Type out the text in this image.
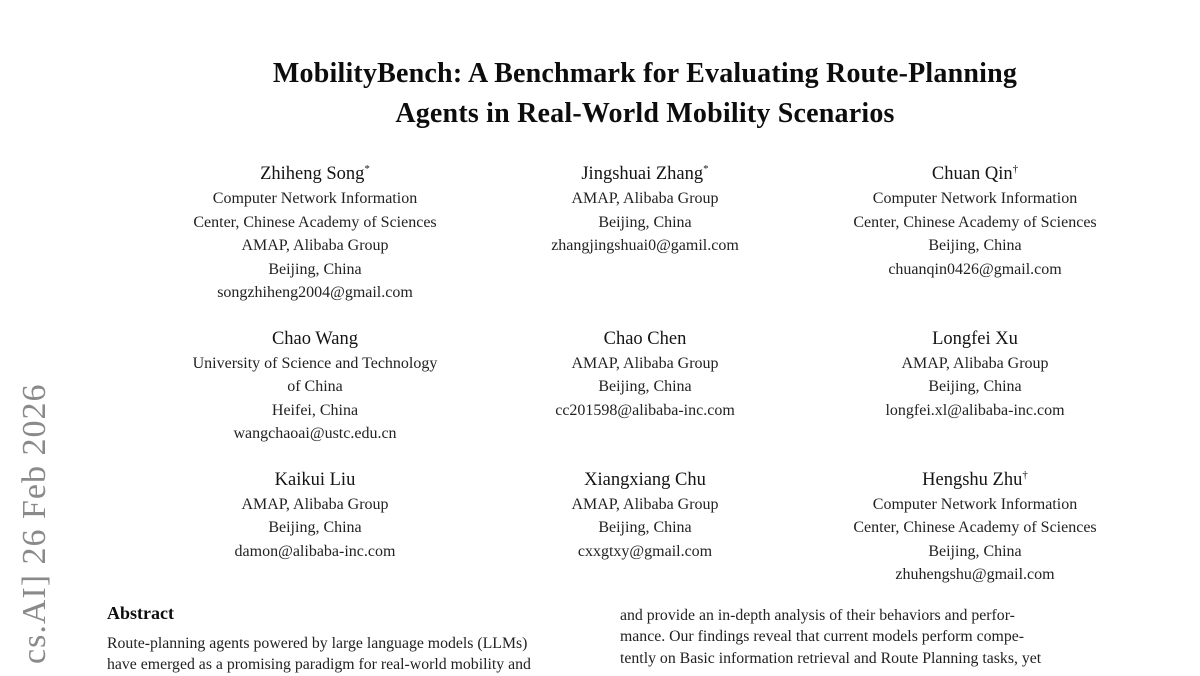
cs.AI] 26 Feb 2026
MobilityBench: A Benchmark for Evaluating Route-Planning
Agents in Real-World Mobility Scenarios
Zhiheng Song*
Computer Network Information
Center, Chinese Academy of Sciences
AMAP, Alibaba Group
Beijing, China
songzhiheng2004@gmail.com
Jingshuai Zhang*
AMAP, Alibaba Group
Beijing, China
zhangjingshuai0@gamil.com
Chuan Qin†
Computer Network Information
Center, Chinese Academy of Sciences
Beijing, China
chuanqin0426@gmail.com
Chao Wang
University of Science and Technology
of China
Heifei, China
wangchaoai@ustc.edu.cn
Chao Chen
AMAP, Alibaba Group
Beijing, China
cc201598@alibaba-inc.com
Longfei Xu
AMAP, Alibaba Group
Beijing, China
longfei.xl@alibaba-inc.com
Kaikui Liu
AMAP, Alibaba Group
Beijing, China
damon@alibaba-inc.com
Xiangxiang Chu
AMAP, Alibaba Group
Beijing, China
cxxgtxy@gmail.com
Hengshu Zhu†
Computer Network Information
Center, Chinese Academy of Sciences
Beijing, China
zhuhengshu@gmail.com
Abstract
Route-planning agents powered by large language models (LLMs)
have emerged as a promising paradigm for real-world mobility and
and provide an in-depth analysis of their behaviors and perfor-
mance. Our findings reveal that current models perform compe-
tently on Basic information retrieval and Route Planning tasks, yet
